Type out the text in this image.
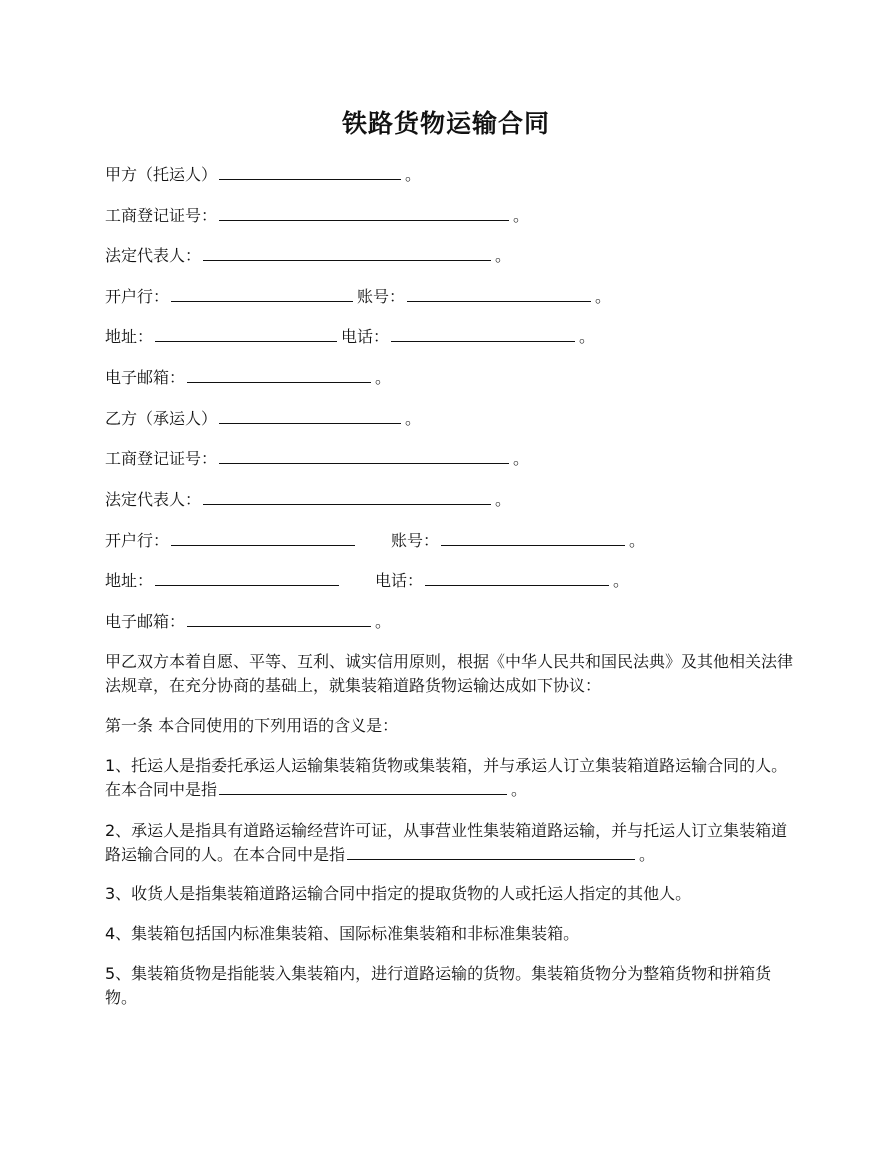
铁路货物运输合同
甲方（托运人）	。
工商登记证号：	。
法定代表人：	。
开户行：	账号：	。
地址：	电话：	。
电子邮箱：	。
乙方（承运人）	。
工商登记证号：	。
法定代表人：	。
开户行：	账号：	。
地址：	电话：	。
电子邮箱：	。
甲乙双方本着自愿、平等、互利、诚实信用原则，根据《中华人民共和国民法典》及其他相关法律法规章，在充分协商的基础上，就集装箱道路货物运输达成如下协议：
第一条 本合同使用的下列用语的含义是：
1、托运人是指委托承运人运输集装箱货物或集装箱，并与承运人订立集装箱道路运输合同的人。在本合同中是指	。
2、承运人是指具有道路运输经营许可证，从事营业性集装箱道路运输，并与托运人订立集装箱道路运输合同的人。在本合同中是指	。
3、收货人是指集装箱道路运输合同中指定的提取货物的人或托运人指定的其他人。
4、集装箱包括国内标准集装箱、国际标准集装箱和非标准集装箱。
5、集装箱货物是指能装入集装箱内，进行道路运输的货物。集装箱货物分为整箱货物和拼箱货物。
